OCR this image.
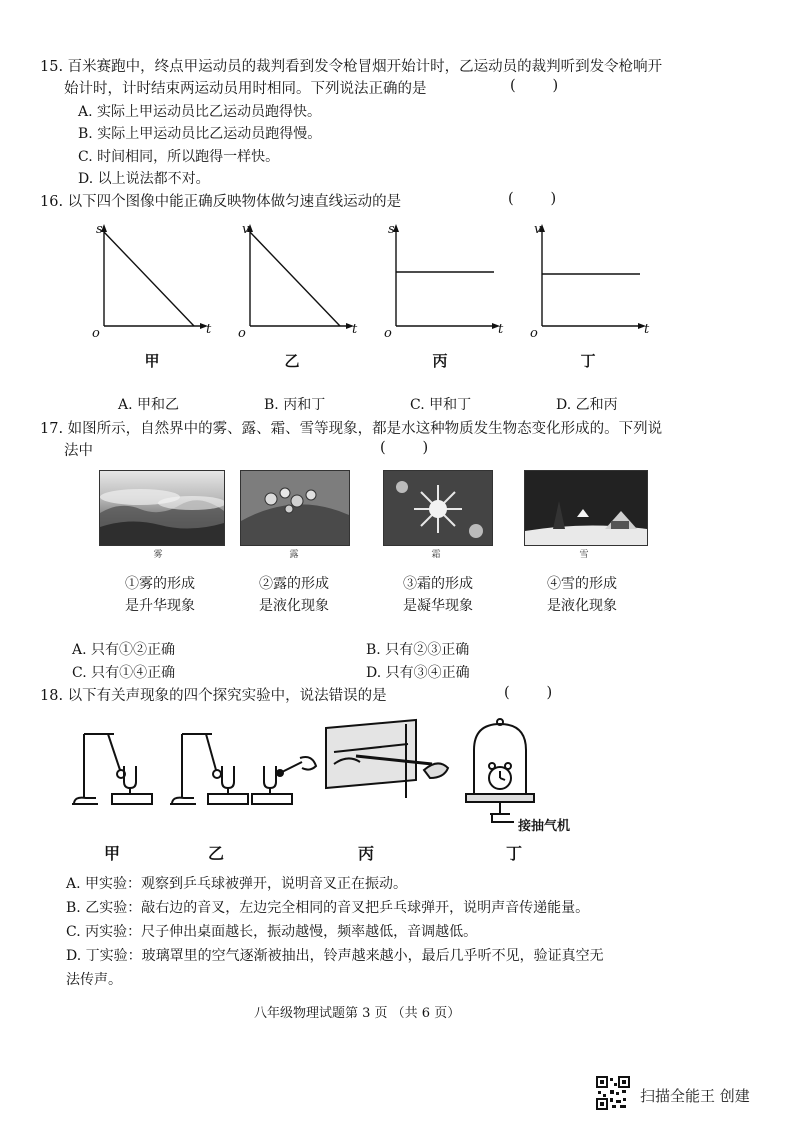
15. 百米赛跑中，终点甲运动员的裁判看到发令枪冒烟开始计时，乙运动员的裁判听到发令枪响开
始计时，计时结束两运动员用时相同。下列说法正确的是	(        )
A. 实际上甲运动员比乙运动员跑得快。
B. 实际上甲运动员比乙运动员跑得慢。
C. 时间相同，所以跑得一样快。
D. 以上说法都不对。
16. 以下四个图像中能正确反映物体做匀速直线运动的是	(        )
s
t
o
甲
v
t
o
乙
s
t
o
丙
v
t
o
丁
A. 甲和乙	B. 丙和丁	C. 甲和丁	D. 乙和丙
17. 如图所示，自然界中的雾、露、霜、雪等现象，都是水这种物质发生物态变化形成的。下列说
法中	(        )
雾	露	霜	雪
①雾的形成
是升华现象
②露的形成
是液化现象
③霜的形成
是凝华现象
④雪的形成
是液化现象
A. 只有①②正确	B. 只有②③正确
C. 只有①④正确	D. 只有③④正确
18. 以下有关声现象的四个探究实验中，说法错误的是	(        )
接抽气机
甲	乙	丙	丁
A. 甲实验：观察到乒乓球被弹开，说明音叉正在振动。
B. 乙实验：敲右边的音叉，左边完全相同的音叉把乒乓球弹开，说明声音传递能量。
C. 丙实验：尺子伸出桌面越长，振动越慢，频率越低，音调越低。
D. 丁实验：玻璃罩里的空气逐渐被抽出，铃声越来越小，最后几乎听不见，验证真空无
法传声。
八年级物理试题第 3 页 （共 6 页）
扫描全能王 创建
